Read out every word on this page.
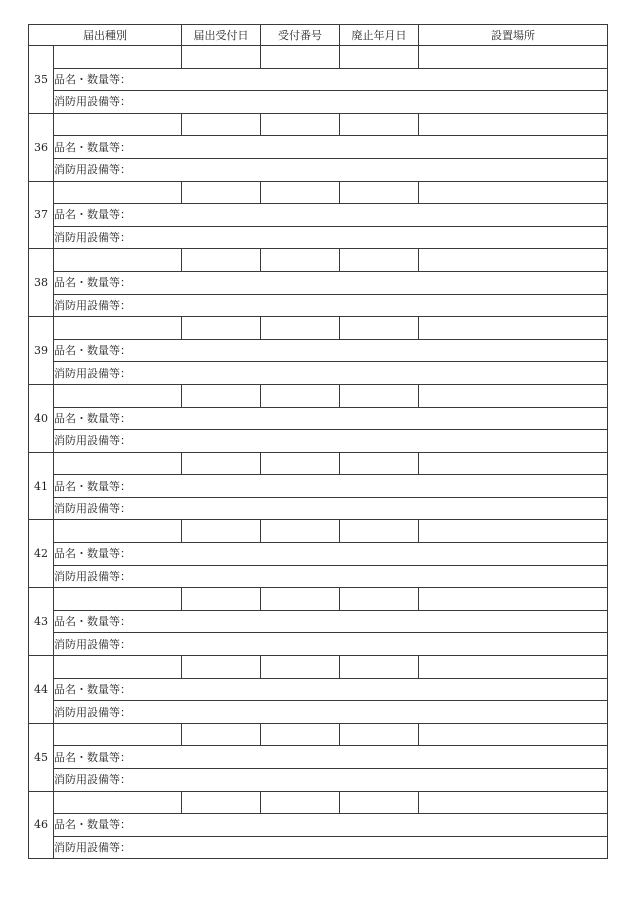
届出種別		届出受付日	受付番号	廃止年月日	設置場所
35					
	品名・数量等：				
	消防用設備等：				
36					
	品名・数量等：				
	消防用設備等：				
37					
	品名・数量等：				
	消防用設備等：				
38					
	品名・数量等：				
	消防用設備等：				
39					
	品名・数量等：				
	消防用設備等：				
40					
	品名・数量等：				
	消防用設備等：				
41					
	品名・数量等：				
	消防用設備等：				
42					
	品名・数量等：				
	消防用設備等：				
43					
	品名・数量等：				
	消防用設備等：				
44					
	品名・数量等：				
	消防用設備等：				
45					
	品名・数量等：				
	消防用設備等：				
46					
	品名・数量等：				
	消防用設備等：				
